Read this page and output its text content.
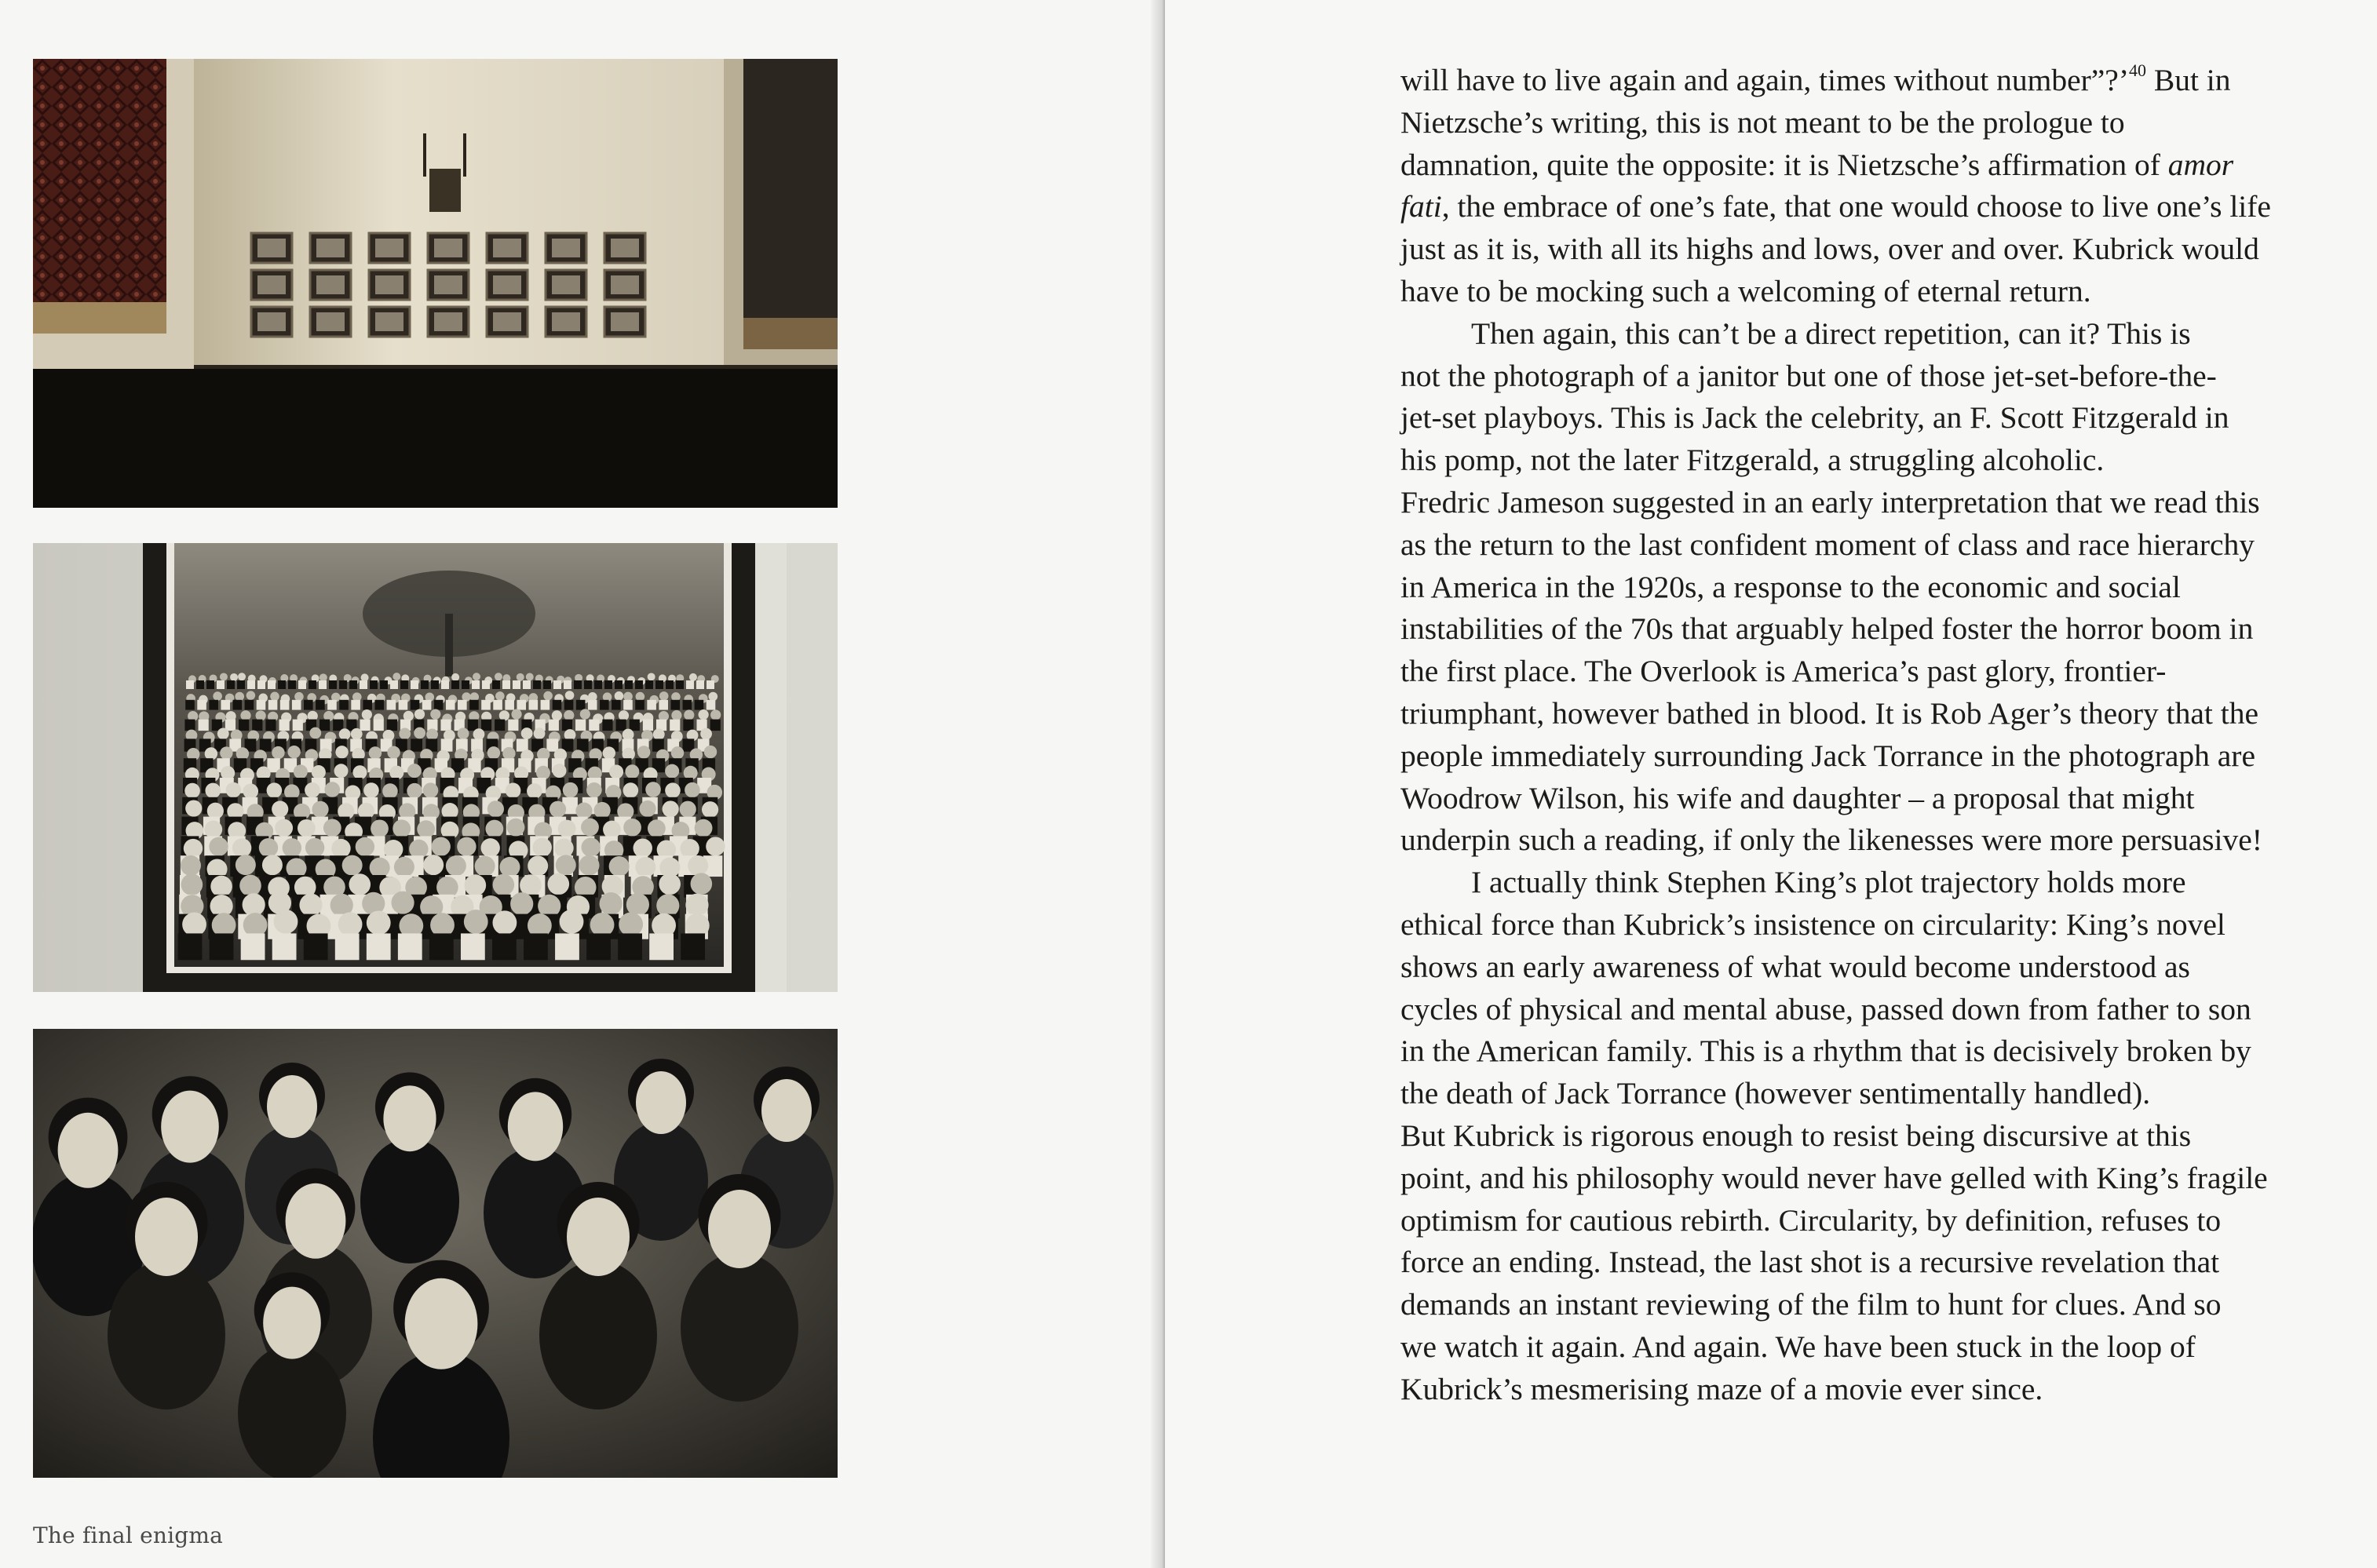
The final enigma
will have to live again and again, times without number”?’$^{40}$ But in
Nietzsche’s writing, this is not meant to be the prologue to
damnation, quite the opposite: it is Nietzsche’s affirmation of amor
fati, the embrace of one’s fate, that one would choose to live one’s life
just as it is, with all its highs and lows, over and over. Kubrick would
have to be mocking such a welcoming of eternal return.
Then again, this can’t be a direct repetition, can it? This is
not the photograph of a janitor but one of those jet-set-before-the-
jet-set playboys. This is Jack the celebrity, an F. Scott Fitzgerald in
his pomp, not the later Fitzgerald, a struggling alcoholic.
Fredric Jameson suggested in an early interpretation that we read this
as the return to the last confident moment of class and race hierarchy
in America in the 1920s, a response to the economic and social
instabilities of the 70s that arguably helped foster the horror boom in
the first place. The Overlook is America’s past glory, frontier-
triumphant, however bathed in blood. It is Rob Ager’s theory that the
people immediately surrounding Jack Torrance in the photograph are
Woodrow Wilson, his wife and daughter – a proposal that might
underpin such a reading, if only the likenesses were more persuasive!
I actually think Stephen King’s plot trajectory holds more
ethical force than Kubrick’s insistence on circularity: King’s novel
shows an early awareness of what would become understood as
cycles of physical and mental abuse, passed down from father to son
in the American family. This is a rhythm that is decisively broken by
the death of Jack Torrance (however sentimentally handled).
But Kubrick is rigorous enough to resist being discursive at this
point, and his philosophy would never have gelled with King’s fragile
optimism for cautious rebirth. Circularity, by definition, refuses to
force an ending. Instead, the last shot is a recursive revelation that
demands an instant reviewing of the film to hunt for clues. And so
we watch it again. And again. We have been stuck in the loop of
Kubrick’s mesmerising maze of a movie ever since.
